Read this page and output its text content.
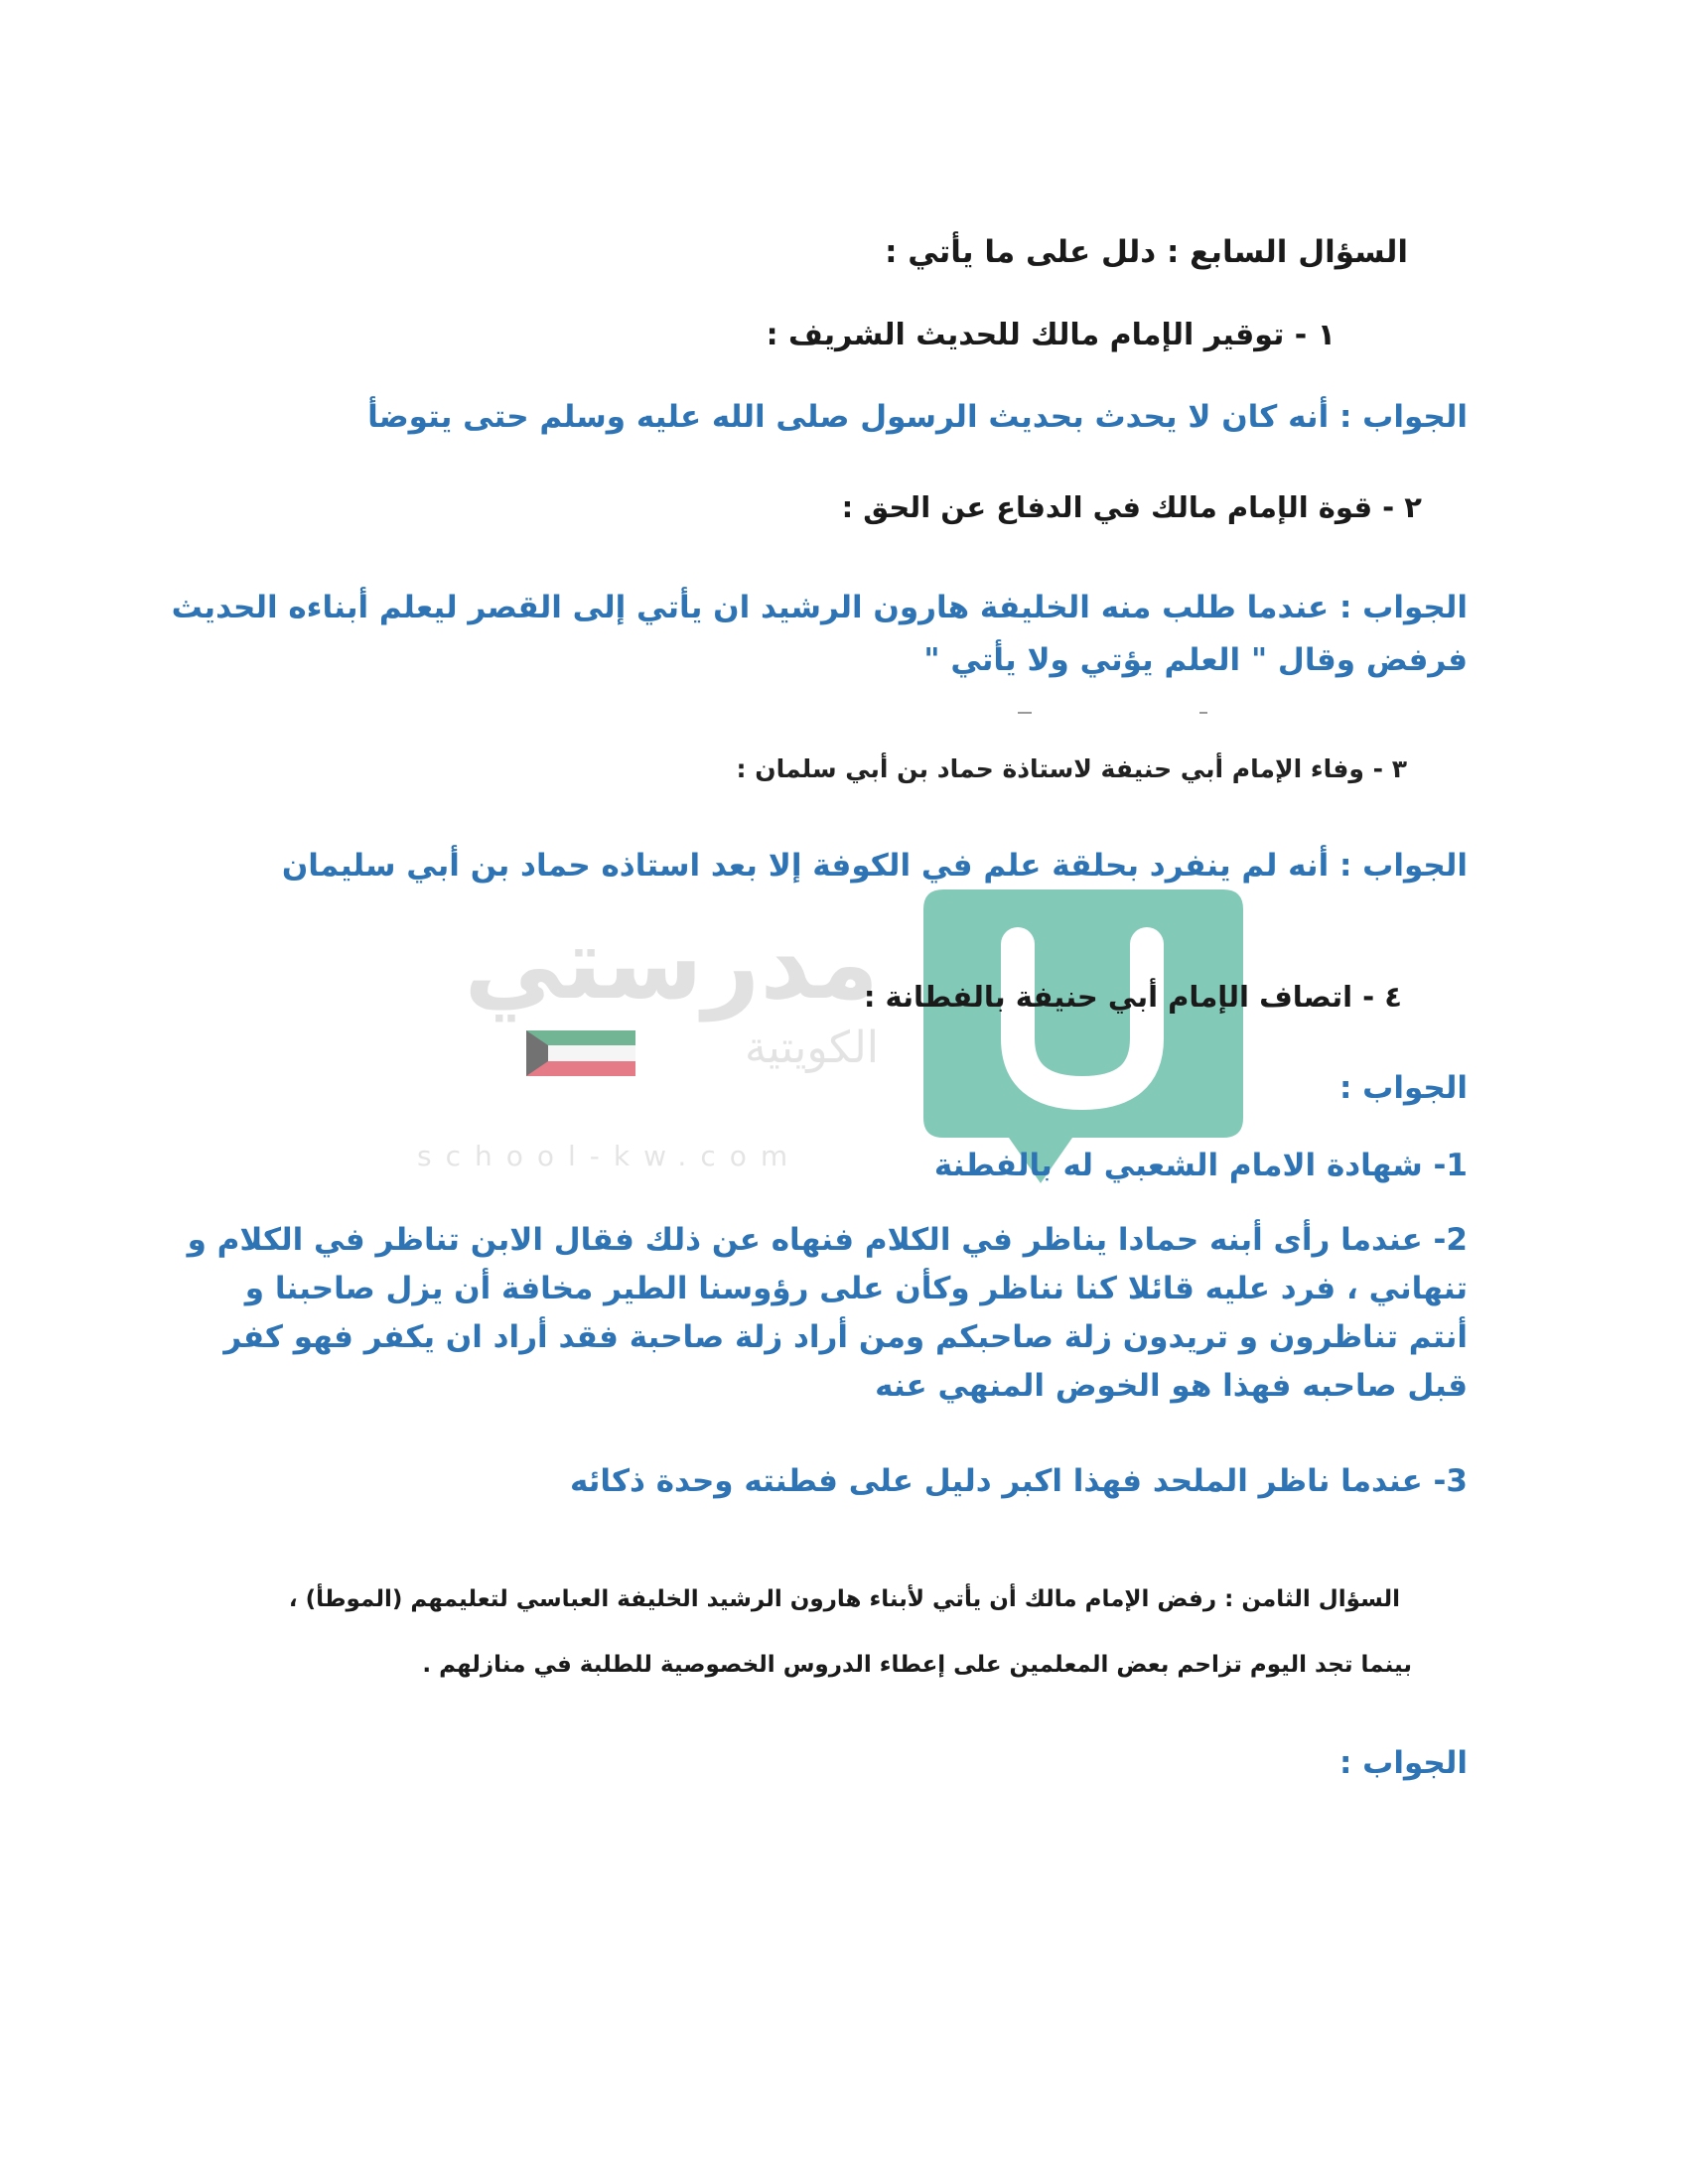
مدرستي
الكويتية
school-kw.com
السؤال السابع : دلل على ما يأتي :
١ - توقير الإمام مالك للحديث الشريف :
الجواب : أنه كان لا يحدث بحديث الرسول صلى الله عليه وسلم حتى يتوضأ
٢ - قوة الإمام مالك في الدفاع عن الحق :
الجواب : عندما طلب منه الخليفة هارون الرشيد ان يأتي إلى القصر ليعلم أبناءه الحديث
فرفض وقال " العلم يؤتي ولا يأتي "
٣ - وفاء الإمام أبي حنيفة لاستاذة حماد بن أبي سلمان :
الجواب : أنه لم ينفرد بحلقة علم في الكوفة إلا بعد استاذه حماد بن أبي سليمان
٤ - اتصاف الإمام أبي حنيفة بالفطانة :
الجواب :
1- شهادة الامام الشعبي له بالفطنة
2- عندما رأى أبنه حمادا يناظر في الكلام فنهاه عن ذلك فقال الابن تناظر في الكلام و تنهاني ، فرد عليه قائلا كنا نناظر وكأن على رؤوسنا الطير مخافة أن يزل صاحبنا و أنتم تناظرون و تريدون زلة صاحبكم ومن أراد زلة صاحبة فقد أراد ان يكفر فهو كفر قبل صاحبه فهذا هو الخوض المنهي عنه
3- عندما ناظر الملحد فهذا اكبر دليل على فطنته وحدة ذكائه
السؤال الثامن : رفض الإمام مالك أن يأتي لأبناء هارون الرشيد الخليفة العباسي لتعليمهم (الموطأ) ،
بينما تجد اليوم تزاحم بعض المعلمين على إعطاء الدروس الخصوصية للطلبة في منازلهم .
الجواب :
